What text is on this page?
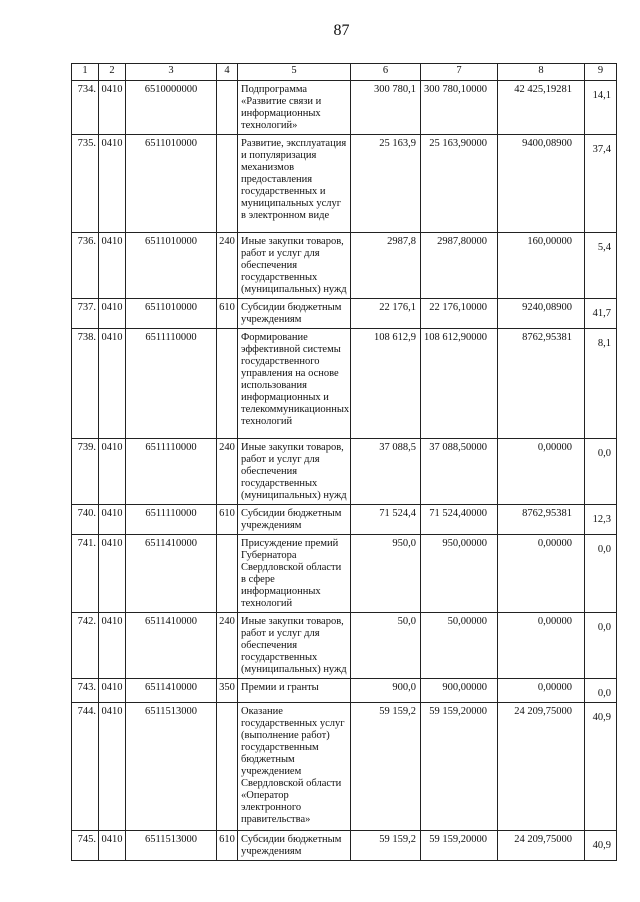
87
1	2	3	4	5	6	7	8	9
734.	0410	6510000000		Подпрограмма «Развитие связи и информационных технологий»	300 780,1	300 780,10000	42 425,19281	14,1
735.	0410	6511010000		Развитие, эксплуатация и популяризация механизмов предоставления государственных и муниципальных услуг в электронном виде	25 163,9	25 163,90000	9400,08900	37,4
736.	0410	6511010000	240	Иные закупки товаров, работ и услуг для обеспечения государственных (муниципальных) нужд	2987,8	2987,80000	160,00000	5,4
737.	0410	6511010000	610	Субсидии бюджетным учреждениям	22 176,1	22 176,10000	9240,08900	41,7
738.	0410	6511110000		Формирование эффективной системы государственного управления на основе использования информационных и телекоммуникационных технологий	108 612,9	108 612,90000	8762,95381	8,1
739.	0410	6511110000	240	Иные закупки товаров, работ и услуг для обеспечения государственных (муниципальных) нужд	37 088,5	37 088,50000	0,00000	0,0
740.	0410	6511110000	610	Субсидии бюджетным учреждениям	71 524,4	71 524,40000	8762,95381	12,3
741.	0410	6511410000		Присуждение премий Губернатора Свердловской области в сфере информационных технологий	950,0	950,00000	0,00000	0,0
742.	0410	6511410000	240	Иные закупки товаров, работ и услуг для обеспечения государственных (муниципальных) нужд	50,0	50,00000	0,00000	0,0
743.	0410	6511410000	350	Премии и гранты	900,0	900,00000	0,00000	0,0
744.	0410	6511513000		Оказание государственных услуг (выполнение работ) государственным бюджетным учреждением Свердловской области «Оператор электронного правительства»	59 159,2	59 159,20000	24 209,75000	40,9
745.	0410	6511513000	610	Субсидии бюджетным учреждениям	59 159,2	59 159,20000	24 209,75000	40,9
